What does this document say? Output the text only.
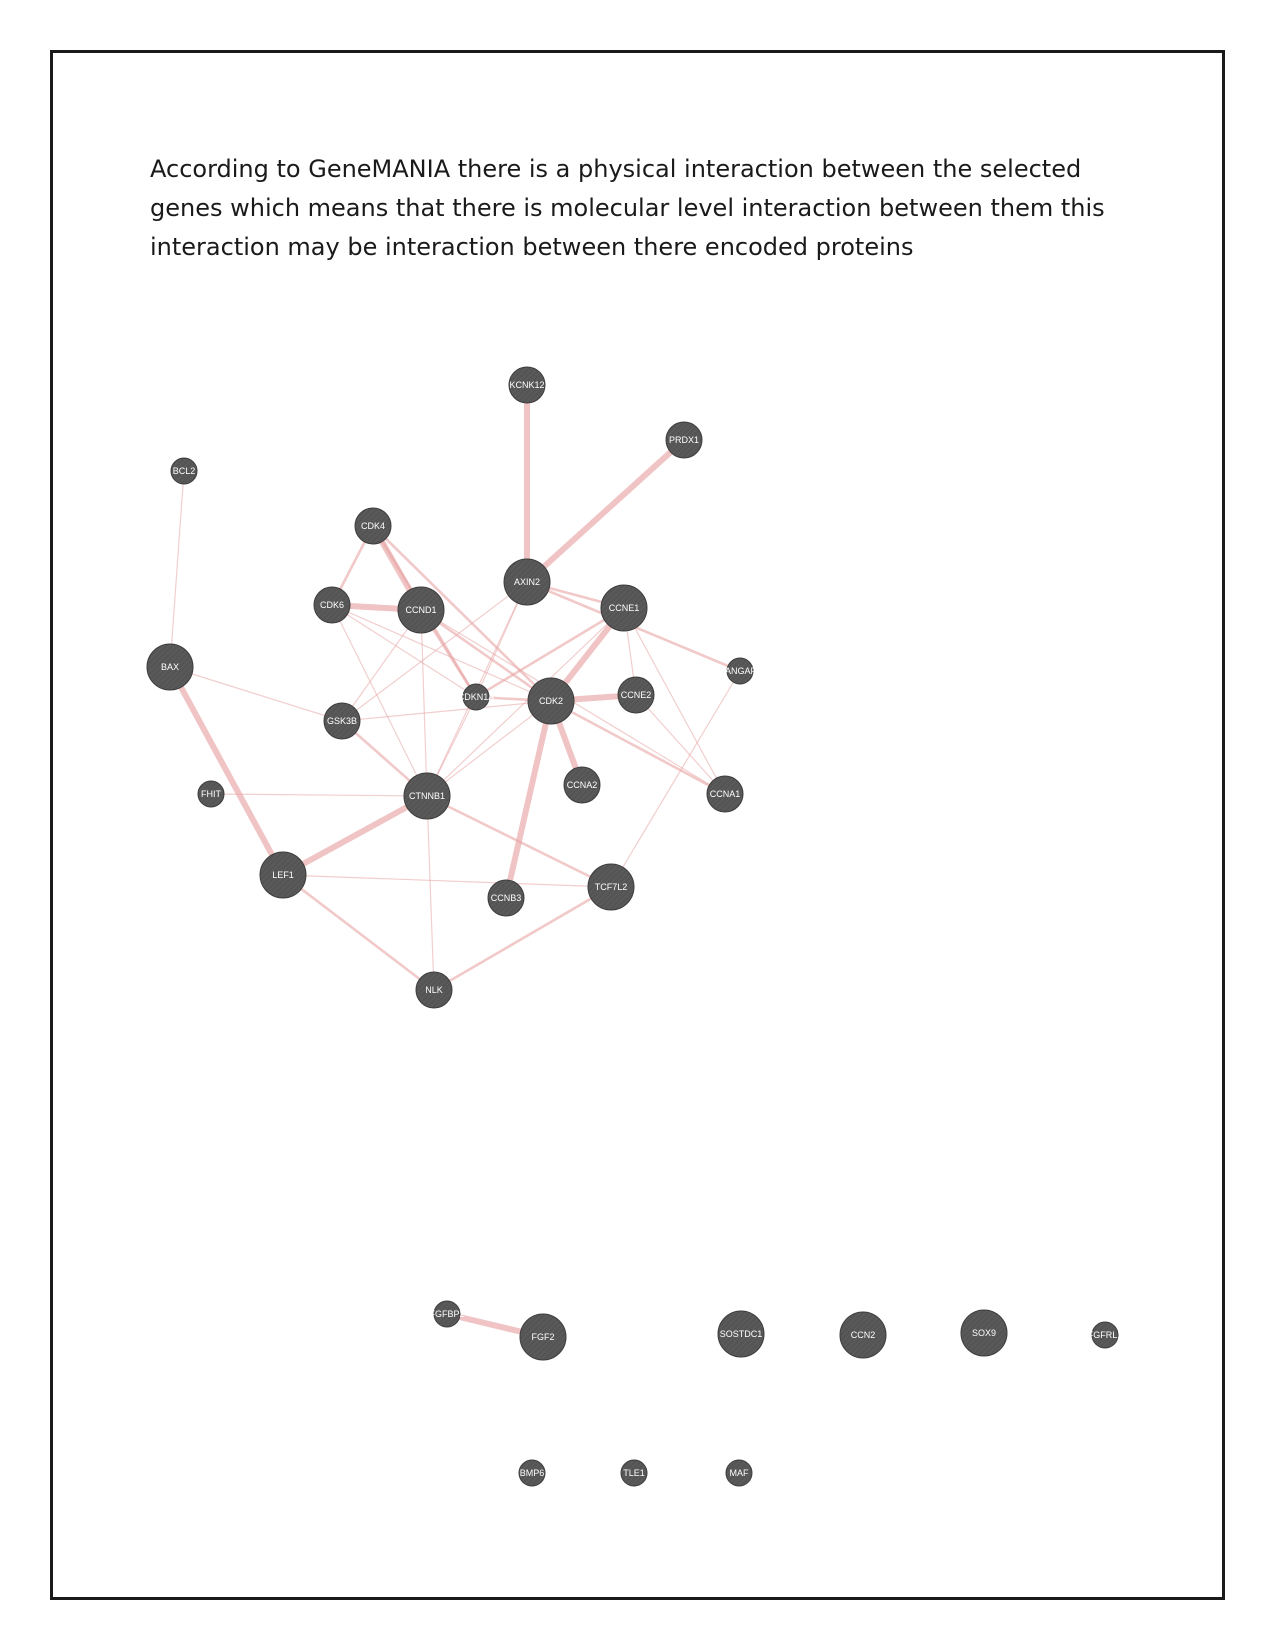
According to GeneMANIA there is a physical interaction between the selected genes which means that there is molecular level interaction between them this interaction may be interaction between there encoded proteins

KCNK12
PRDX1
BCL2
CDK4
AXIN2
CDK6	CCND1	CCNE1
BAX	RANGAP1
CDKN1A	CDK2
CCNE2
GSK3B
FHIT	CTNNB1
CCNA2
CCNA1
LEF1
CCNB3
TCF7L2
NLK
FGFBP2
FGF2	SOSTDC1	CCN2	SOX9	FGFRL1
BMP6	TLE1	MAF
